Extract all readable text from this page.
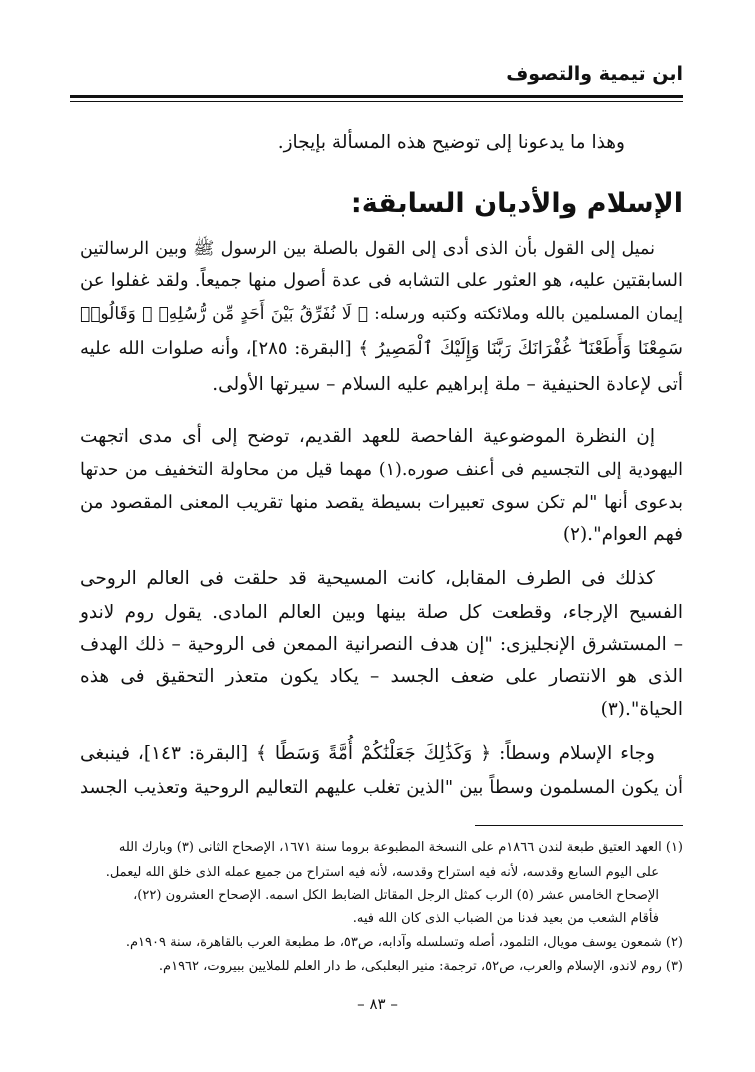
ابن تيمية والتصوف
وهذا ما يدعونا إلى توضيح هذه المسألة بإيجاز.
الإسلام والأديان السابقة:
نميل إلى القول بأن الذى أدى إلى القول بالصلة بين الرسول ﷺ وبين الرسالتين
السابقتين عليه، هو العثور على التشابه فى عدة أصول منها جميعاً. ولقد غفلوا عن
إيمان المسلمين بالله وملائكته وكتبه ورسله: ﴿ لَا نُفَرِّقُ بَيْنَ أَحَدٍ مِّن رُّسُلِهِۦ ۚ وَقَالُوا۟
سَمِعْنَا وَأَطَعْنَا ۖ غُفْرَانَكَ رَبَّنَا وَإِلَيْكَ ٱلْمَصِيرُ ﴾ [البقرة: ٢٨٥]، وأنه صلوات الله عليه
أتى لإعادة الحنيفية – ملة إبراهيم عليه السلام – سيرتها الأولى.
إن النظرة الموضوعية الفاحصة للعهد القديم، توضح إلى أى مدى اتجهت
اليهودية إلى التجسيم فى أعنف صوره.(١) مهما قيل من محاولة التخفيف من حدتها
بدعوى أنها "لم تكن سوى تعبيرات بسيطة يقصد منها تقريب المعنى المقصود من
فهم العوام".(٢)
كذلك فى الطرف المقابل، كانت المسيحية قد حلقت فى العالم الروحى
الفسيح الإرجاء، وقطعت كل صلة بينها وبين العالم المادى. يقول روم لاندو
– المستشرق الإنجليزى: "إن هدف النصرانية الممعن فى الروحية – ذلك الهدف
الذى هو الانتصار على ضعف الجسد – يكاد يكون متعذر التحقيق فى هذه
الحياة".(٣)
وجاء الإسلام وسطاً: ﴿ وَكَذَٰلِكَ جَعَلْنَٰكُمْ أُمَّةً وَسَطًا ﴾ [البقرة: ١٤٣]، فينبغى
أن يكون المسلمون وسطاً بين "الذين تغلب عليهم التعاليم الروحية وتعذيب الجسد
(١) العهد العتيق طبعة لندن ١٨٦٦م على النسخة المطبوعة بروما سنة ١٦٧١، الإصحاح الثانى (٣) وبارك الله
على اليوم السابع وقدسه، لأنه فيه استراح وقدسه، لأنه فيه استراح من جميع عمله الذى خلق الله ليعمل.
الإصحاح الخامس عشر (٥) الرب كمثل الرجل المقاتل الضابط الكل اسمه. الإصحاح العشرون (٢٢)،
فأقام الشعب من بعيد فدنا من الضباب الذى كان الله فيه.
(٢) شمعون يوسف مويال، التلمود، أصله وتسلسله وآدابه، ص٥٣، ط مطبعة العرب بالقاهرة، سنة ١٩٠٩م.
(٣) روم لاندو، الإسلام والعرب، ص٥٢، ترجمة: منير البعلبكى، ط دار العلم للملايين ببيروت، ١٩٦٢م.
– ٨٣ –
